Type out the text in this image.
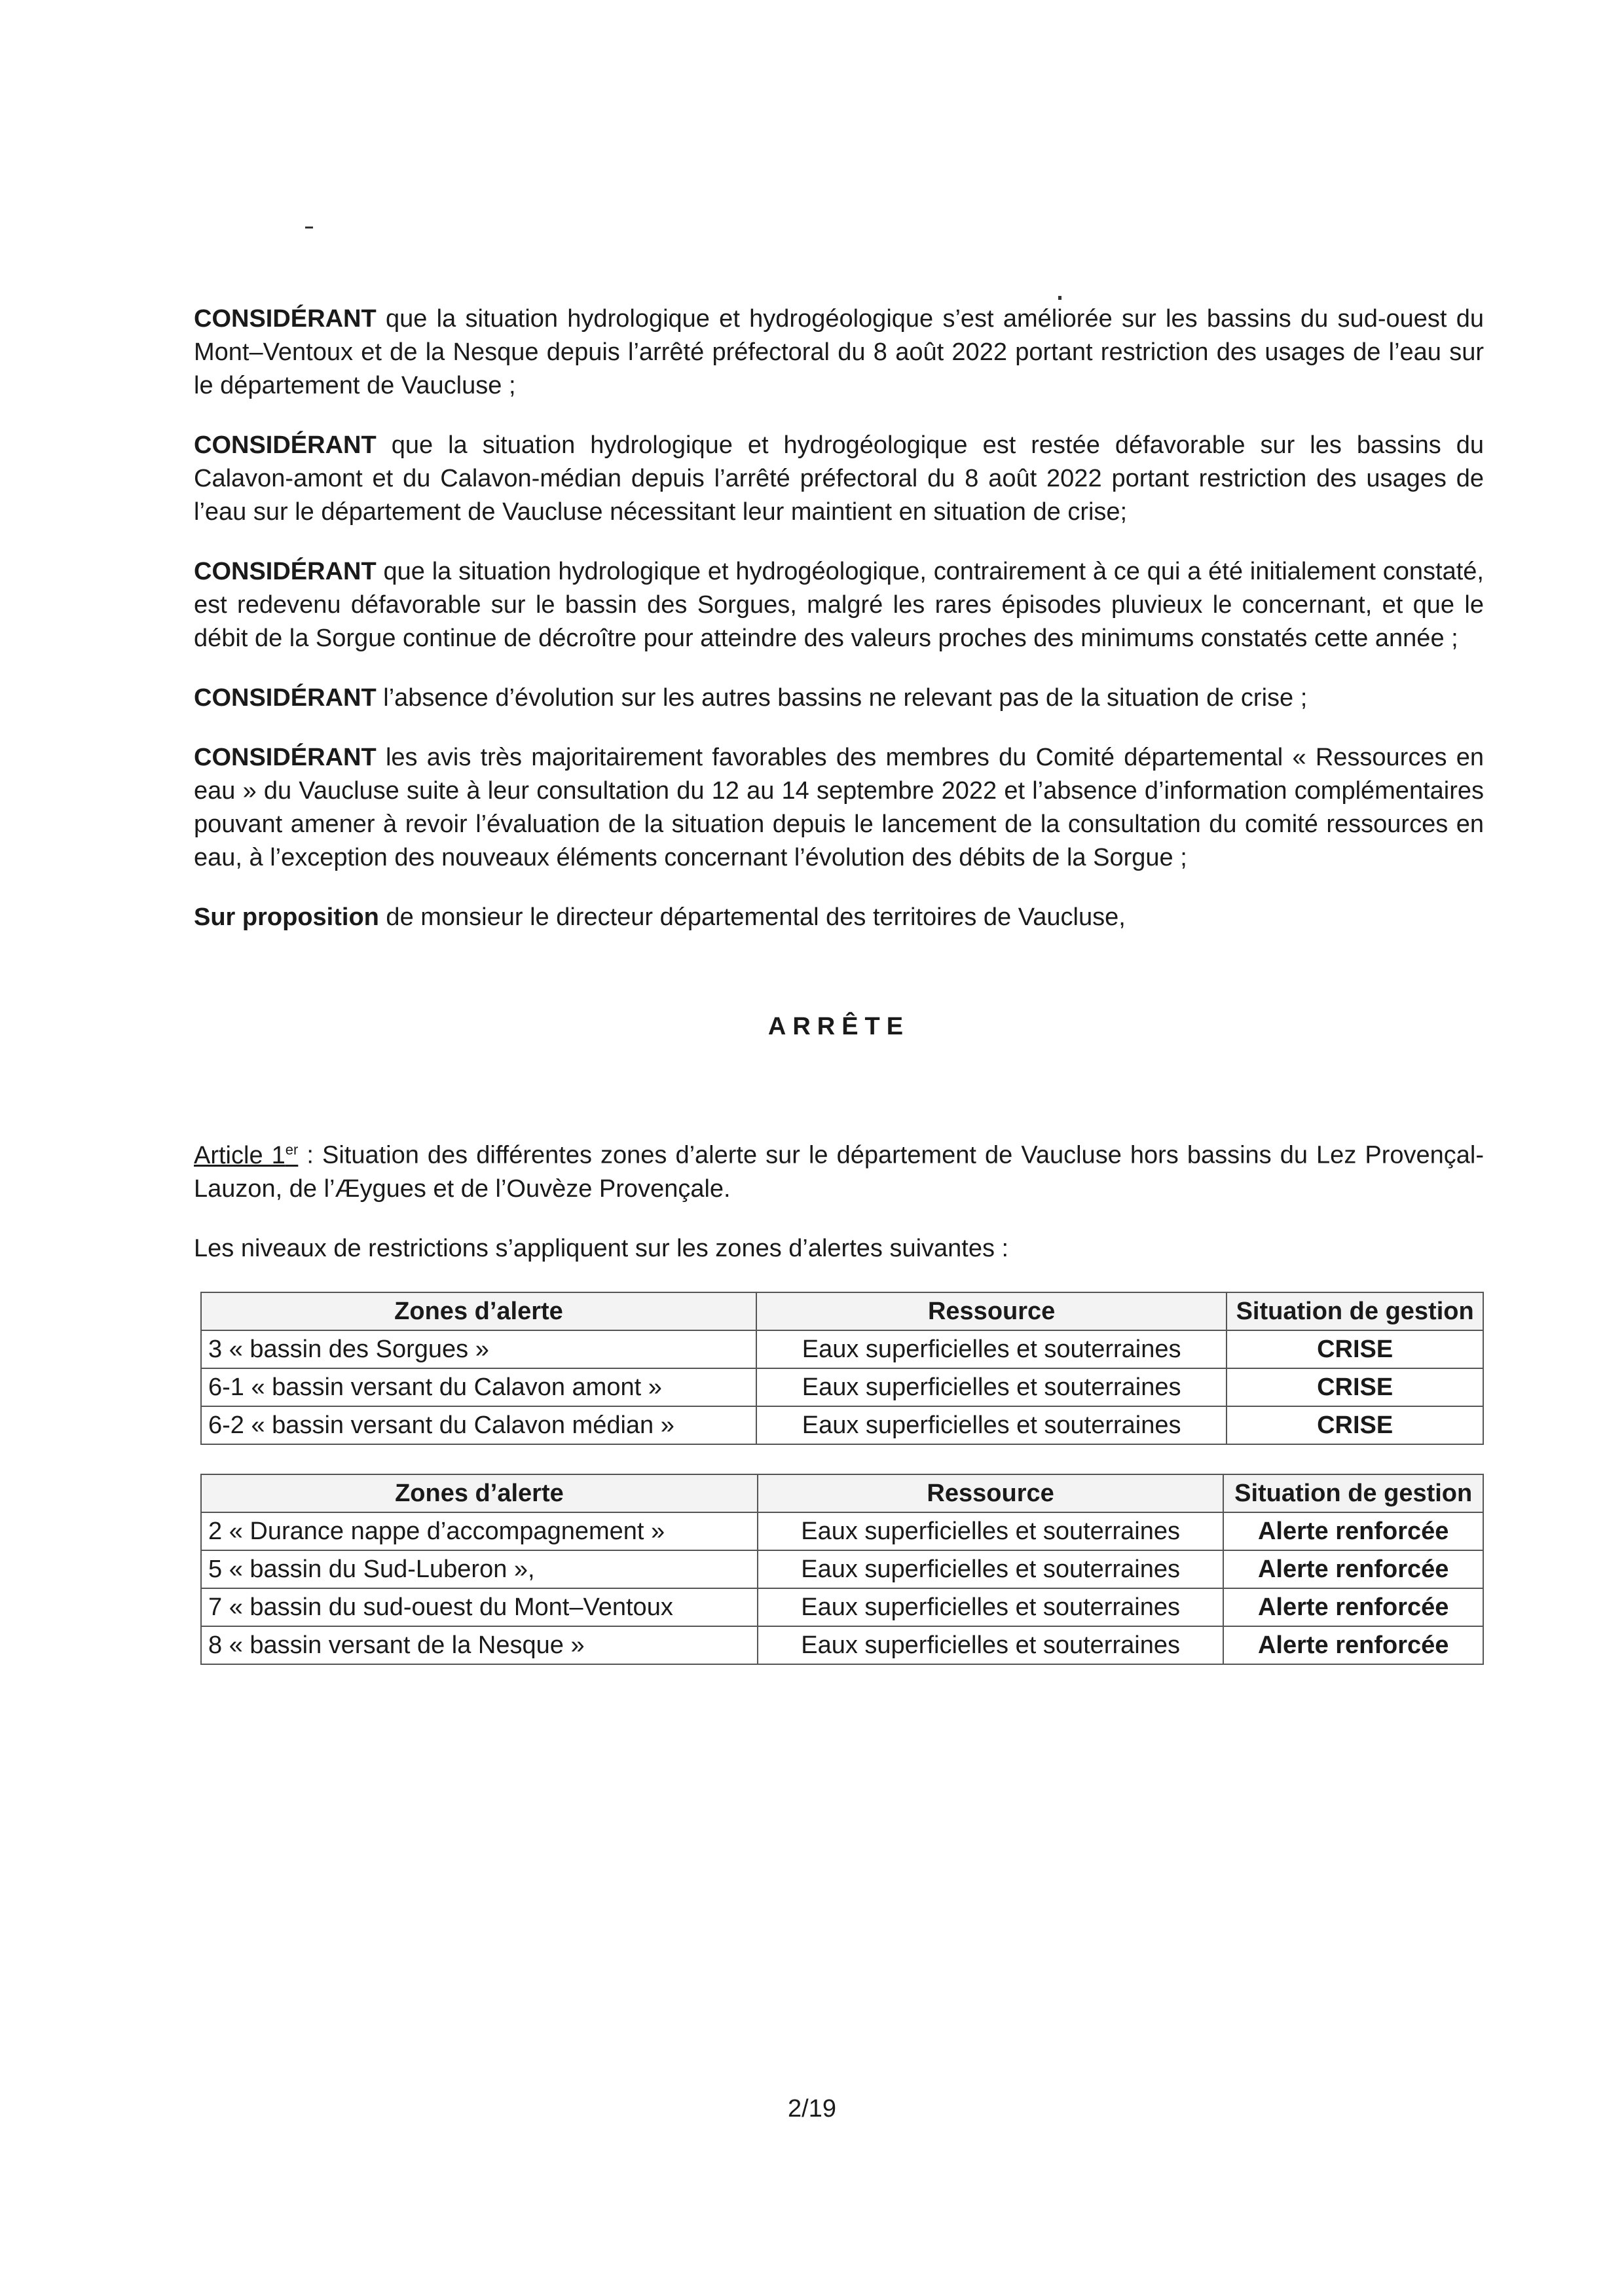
CONSIDÉRANT que la situation hydrologique et hydrogéologique s’est améliorée sur les bassins du sud-ouest du Mont–Ventoux et de la Nesque depuis l’arrêté préfectoral du 8 août 2022 portant restriction des usages de l’eau sur le département de Vaucluse ;

CONSIDÉRANT que la situation hydrologique et hydrogéologique est restée défavorable sur les bassins du Calavon-amont et du Calavon-médian depuis l’arrêté préfectoral du 8 août 2022 portant restriction des usages de l’eau sur le département de Vaucluse nécessitant leur maintient en situation de crise;

CONSIDÉRANT que la situation hydrologique et hydrogéologique, contrairement à ce qui a été initialement constaté, est redevenu défavorable sur le bassin des Sorgues, malgré les rares épisodes pluvieux le concernant, et que le débit de la Sorgue continue de décroître pour atteindre des valeurs proches des minimums constatés cette année ;

CONSIDÉRANT l’absence d’évolution sur les autres bassins ne relevant pas de la situation de crise ;

CONSIDÉRANT les avis très majoritairement favorables des membres du Comité départemental « Ressources en eau » du Vaucluse suite à leur consultation du 12 au 14 septembre 2022 et l’absence d’information complémentaires pouvant amener à revoir l’évaluation de la situation depuis le lancement de la consultation du comité ressources en eau, à l’exception des nouveaux éléments concernant l’évolution des débits de la Sorgue ;

Sur proposition de monsieur le directeur départemental des territoires de Vaucluse,

ARRÊTE

Article 1er : Situation des différentes zones d’alerte sur le département de Vaucluse hors bassins du Lez Provençal-Lauzon, de l’Æygues et de l’Ouvèze Provençale.

Les niveaux de restrictions s’appliquent sur les zones d’alertes suivantes :

Zones d’alerte	Ressource	Situation de gestion
3 « bassin des Sorgues »	Eaux superficielles et souterraines	CRISE
6-1 « bassin versant du Calavon amont »	Eaux superficielles et souterraines	CRISE
6-2 « bassin versant du Calavon médian »	Eaux superficielles et souterraines	CRISE
Zones d’alerte	Ressource	Situation de gestion
2 « Durance nappe d’accompagnement »	Eaux superficielles et souterraines	Alerte renforcée
5 « bassin du Sud-Luberon »,	Eaux superficielles et souterraines	Alerte renforcée
7 « bassin du sud-ouest du Mont–Ventoux	Eaux superficielles et souterraines	Alerte renforcée
8 « bassin versant de la Nesque »	Eaux superficielles et souterraines	Alerte renforcée
2/19
